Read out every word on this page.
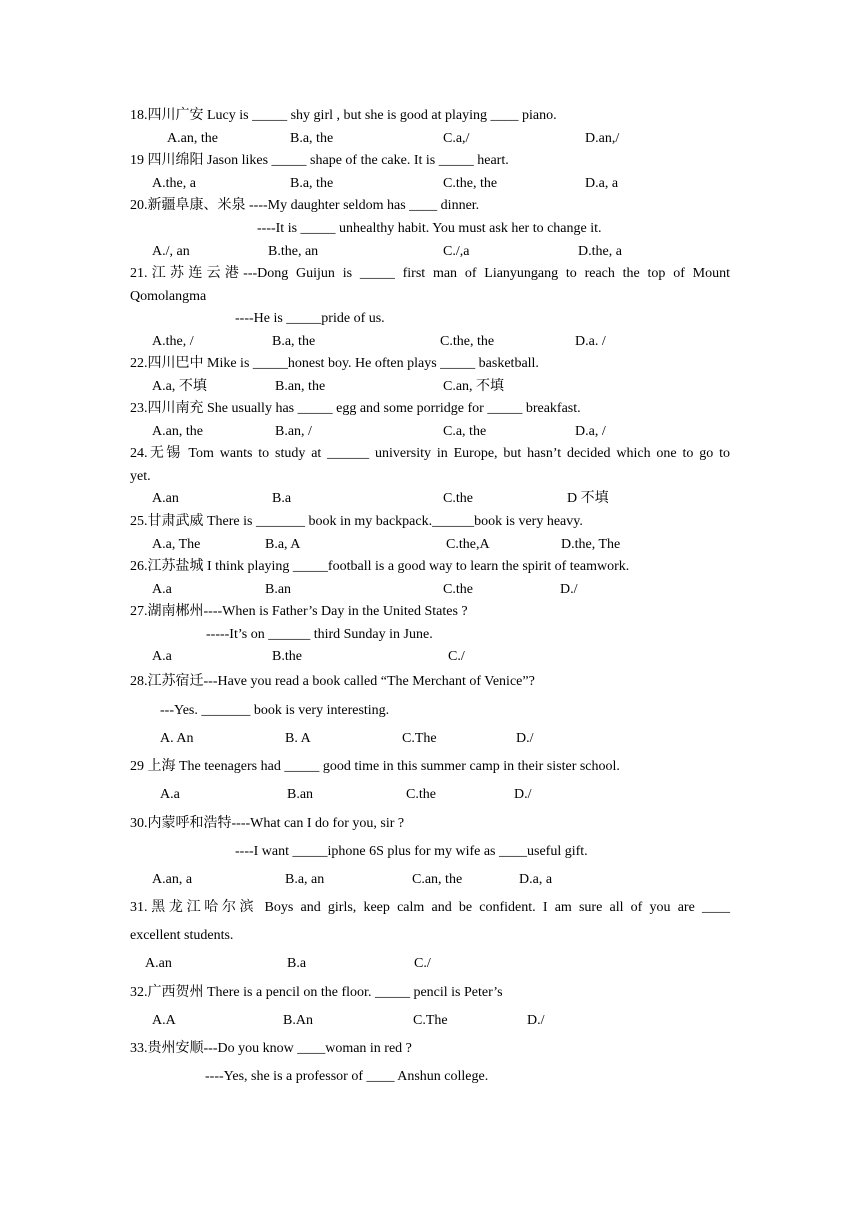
18.四川广安 Lucy is _____ shy girl , but she is good at playing ____ piano.
A.an, the	B.a, the	C.a,/	D.an,/
19 四川绵阳 Jason likes _____ shape of the cake. It is _____ heart.
A.the, a	B.a, the	C.the, the	D.a, a
20.新疆阜康、米泉 ----My daughter seldom has ____ dinner.
----It is _____ unhealthy habit. You must ask her to change it.
A./, an	B.the, an	C./,a	D.the, a
21.江苏连云港---Dong Guijun is _____ first man of Lianyungang to reach the top of Mount
Qomolangma
----He is _____pride of us.
A.the, /	B.a, the	C.the, the	D.a. /
22.四川巴中 Mike is _____honest boy. He often plays _____ basketball.
A.a, 不填	B.an, the	C.an, 不填
23.四川南充 She usually has _____ egg and some porridge for _____ breakfast.
A.an, the	B.an, /	C.a, the	D.a, /
24.无锡 Tom wants to study at ______ university in Europe, but hasn’t decided which one to go to
yet.
A.an	B.a	C.the	D 不填
25.甘肃武威 There is _______ book in my backpack.______book is very heavy.
A.a, The	B.a, A	C.the,A	D.the, The
26.江苏盐城 I think playing _____football is a good way to learn the spirit of teamwork.
A.a	B.an	C.the	D./
27.湖南郴州----When is Father’s Day in the United States ?
-----It’s on ______ third Sunday in June.
A.a	B.the	C./
28.江苏宿迁---Have you read a book called “The Merchant of Venice”?
---Yes. _______ book is very interesting.
A. An	B. A	C.The	D./
29 上海 The teenagers had _____ good time in this summer camp in their sister school.
A.a	B.an	C.the	D./
30.内蒙呼和浩特----What can I do for you, sir ?
----I want _____iphone 6S plus for my wife as ____useful gift.
A.an, a	B.a, an	C.an, the	D.a, a
31.黑龙江哈尔滨 Boys and girls, keep calm and be confident. I am sure all of you are ____
excellent students.
A.an	B.a	C./
32.广西贺州 There is a pencil on the floor. _____ pencil is Peter’s
A.A	B.An	C.The	D./
33.贵州安顺---Do you know ____woman in red ?
----Yes, she is a professor of ____ Anshun college.
